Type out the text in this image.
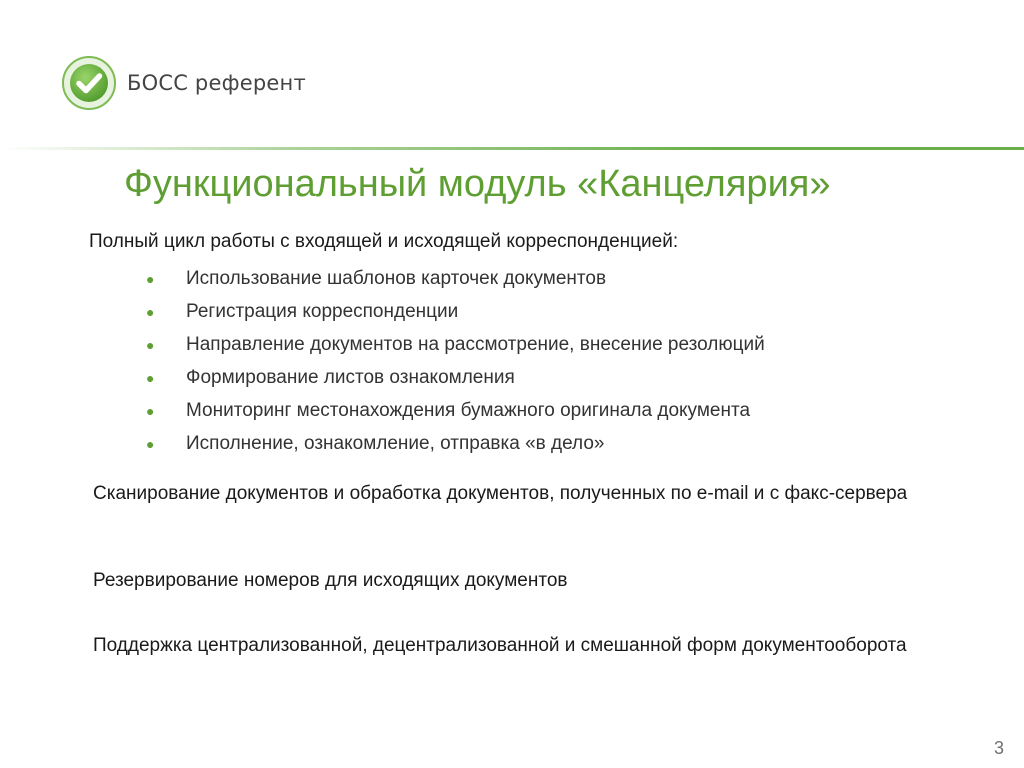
БОСС референт
Функциональный модуль «Канцелярия»

Полный цикл работы с входящей и исходящей корреспонденцией:

●	Использование шаблонов карточек документов
●	Регистрация корреспонденции
●	Направление документов на рассмотрение, внесение резолюций
●	Формирование листов ознакомления
●	Мониторинг местонахождения бумажного оригинала документа
●	Исполнение, ознакомление, отправка «в дело»

Сканирование документов и обработка документов, полученных по e-mail и с факс-сервера

Резервирование номеров для исходящих документов

Поддержка централизованной, децентрализованной и смешанной форм документооборота

3
